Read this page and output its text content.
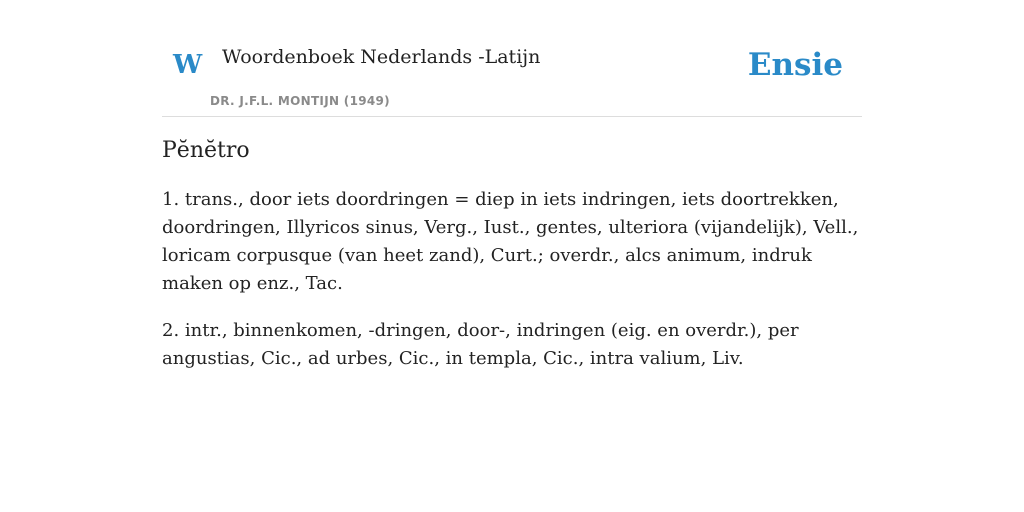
W Woordenboek Nederlands -Latijn
DR. J.F.L. MONTIJN (1949)
Ensie
Pĕnĕtro

1. trans., door iets doordringen = diep in iets indringen, iets doortrekken, doordringen, Illyricos sinus, Verg., Iust., gentes, ulteriora (vijandelijk), Vell., loricam corpusque (van heet zand), Curt.; overdr., alcs animum, indruk maken op enz., Tac.

2. intr., binnenkomen, -dringen, door-, indringen (eig. en overdr.), per angustias, Cic., ad urbes, Cic., in templa, Cic., intra valium, Liv.
